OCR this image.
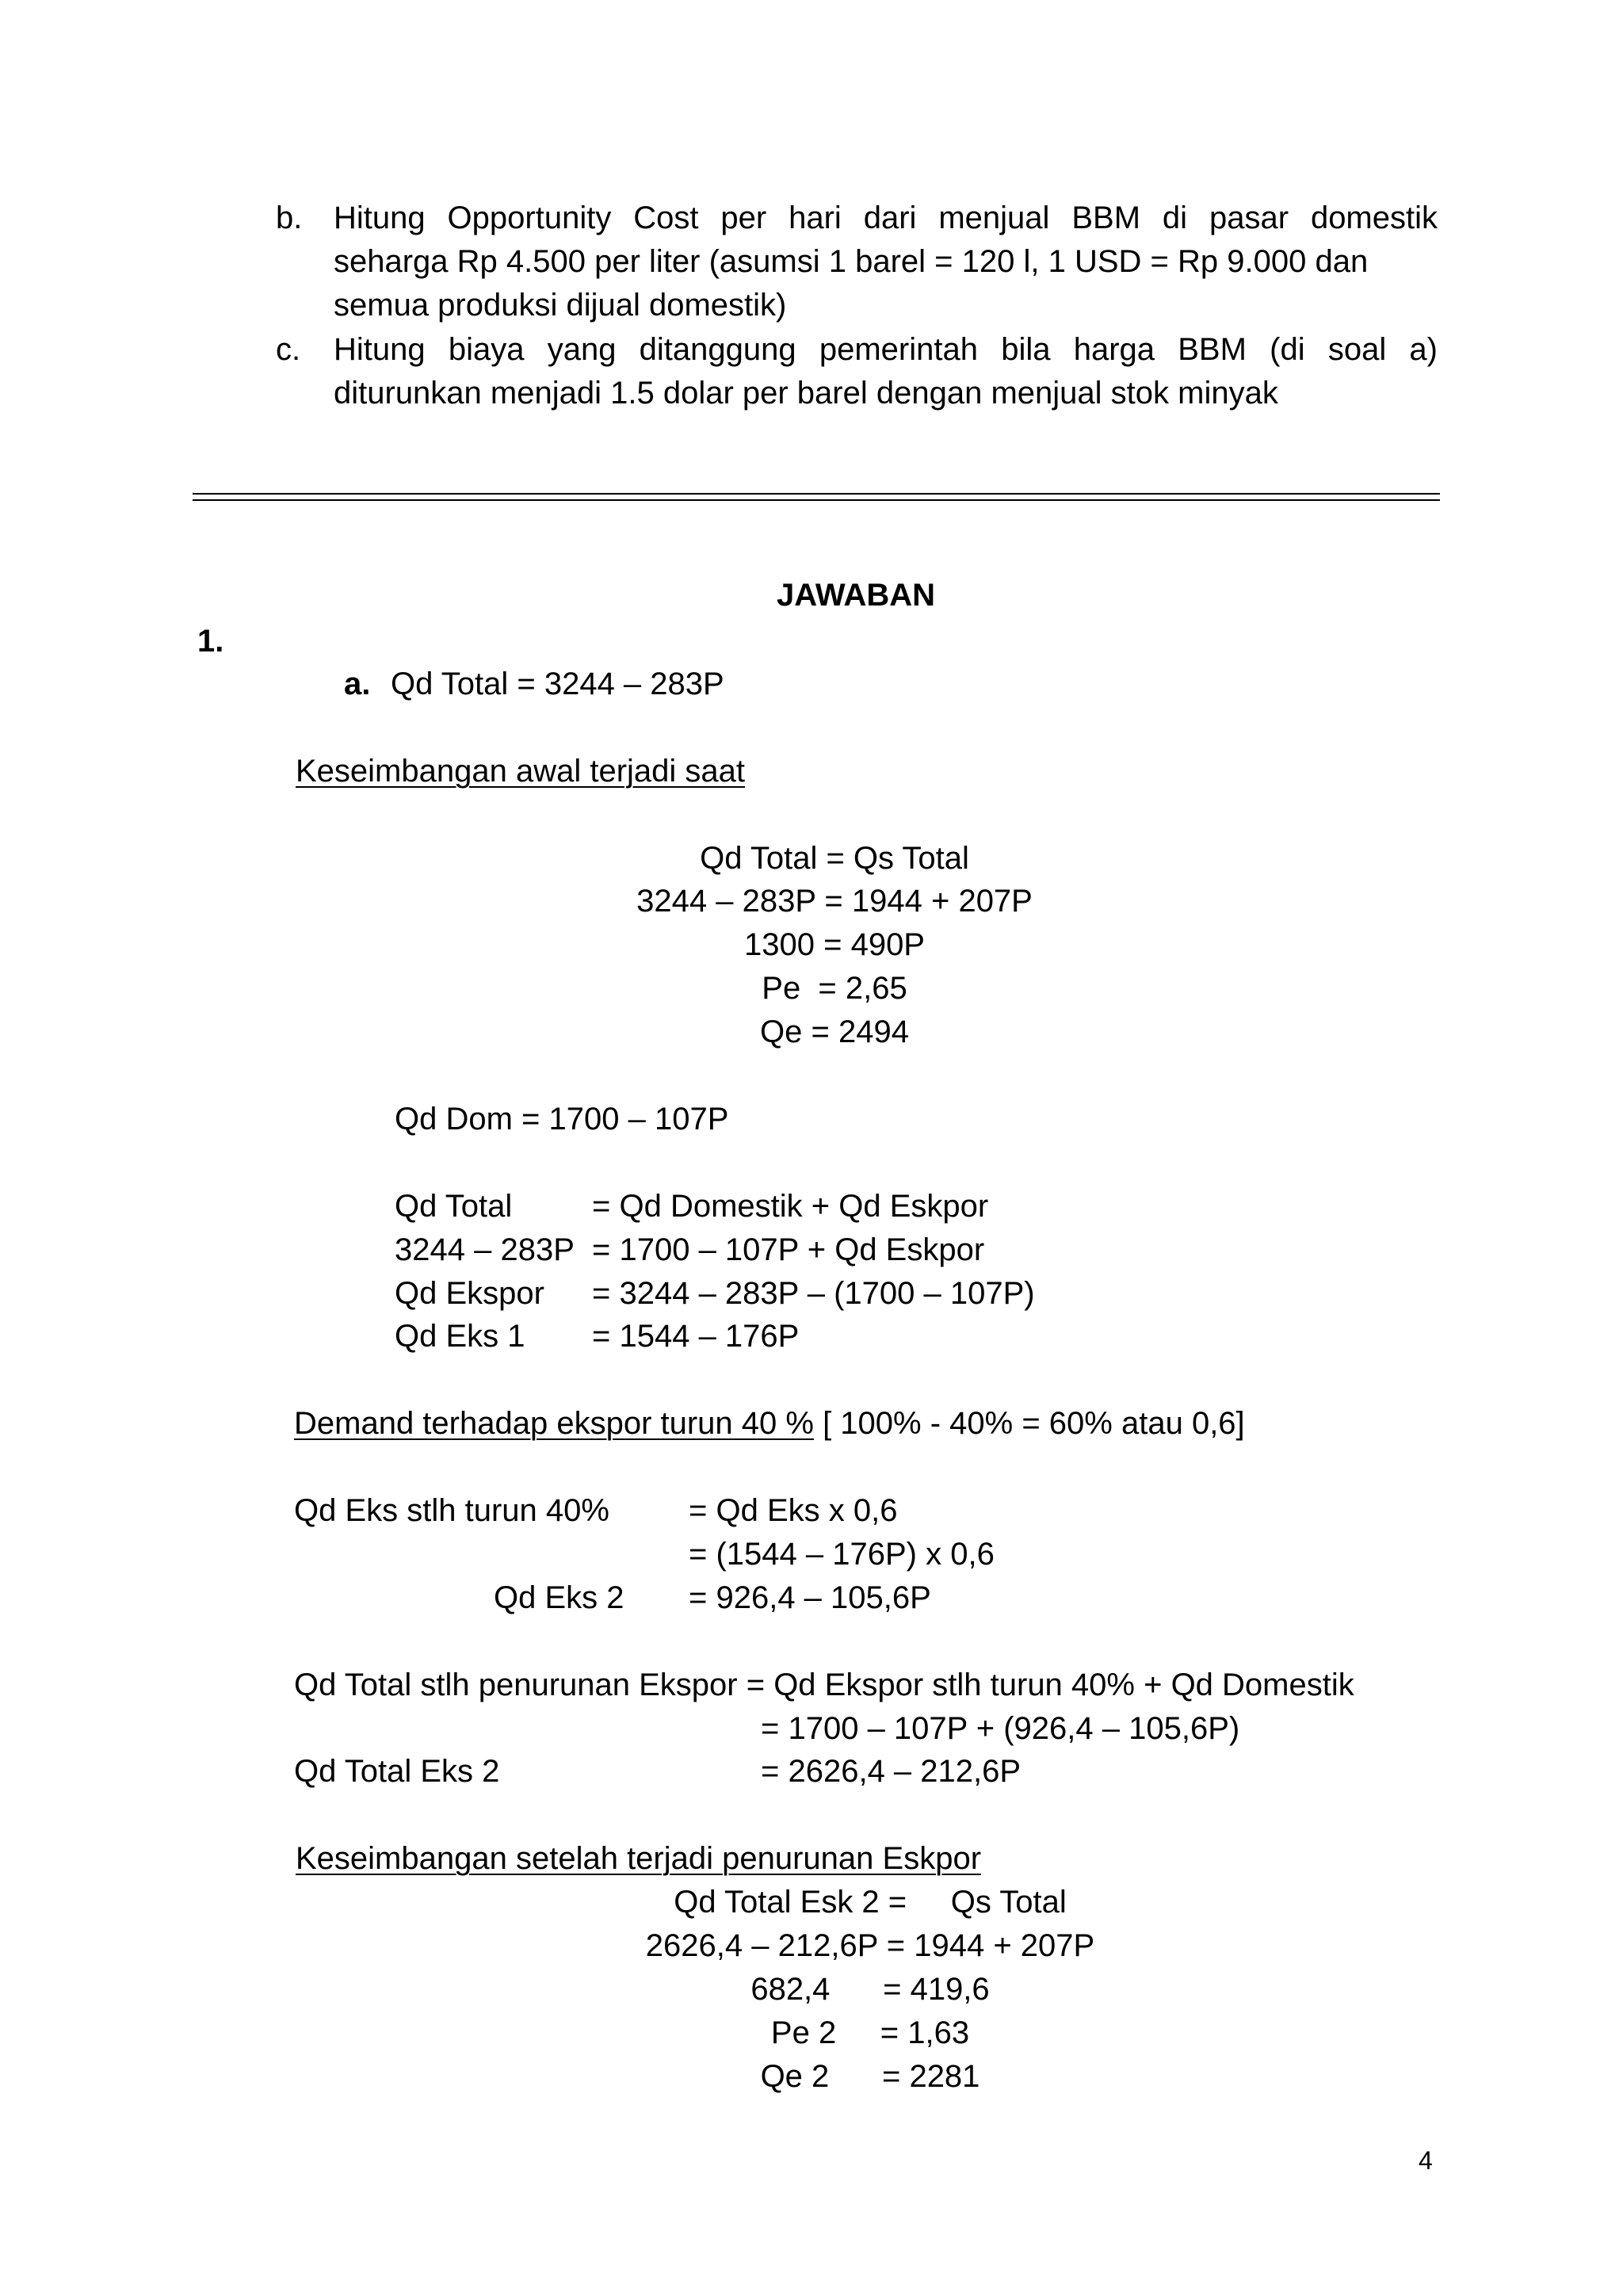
b. Hitung Opportunity Cost per hari dari menjual BBM di pasar domestik
seharga Rp 4.500 per liter (asumsi 1 barel = 120 l, 1 USD = Rp 9.000 dan
semua produksi dijual domestik)
c. Hitung biaya yang ditanggung pemerintah bila harga BBM (di soal a)
diturunkan menjadi 1.5 dolar per barel dengan menjual stok minyak
JAWABAN
1.
a. Qd Total = 3244 – 283P
Keseimbangan awal terjadi saat
Qd Total = Qs Total
3244 – 283P = 1944 + 207P
1300 = 490P
Pe  = 2,65
Qe = 2494
Qd Dom = 1700 – 107P
Qd Total	= Qd Domestik + Qd Eskpor
3244 – 283P = 1700 – 107P + Qd Eskpor
Qd Ekspor = 3244 – 283P – (1700 – 107P)
Qd Eks 1 = 1544 – 176P
Demand terhadap ekspor turun 40 % [ 100% - 40% = 60% atau 0,6]
Qd Eks stlh turun 40%	= Qd Eks x 0,6
= (1544 – 176P) x 0,6
Qd Eks 2 = 926,4 – 105,6P
Qd Total stlh penurunan Ekspor = Qd Ekspor stlh turun 40% + Qd Domestik
= 1700 – 107P + (926,4 – 105,6P)
Qd Total Eks 2	= 2626,4 – 212,6P
Keseimbangan setelah terjadi penurunan Eskpor
Qd Total Esk 2 =     Qs Total
2626,4 – 212,6P = 1944 + 207P
682,4      = 419,6
Pe 2     = 1,63
Qe 2      = 2281
4
